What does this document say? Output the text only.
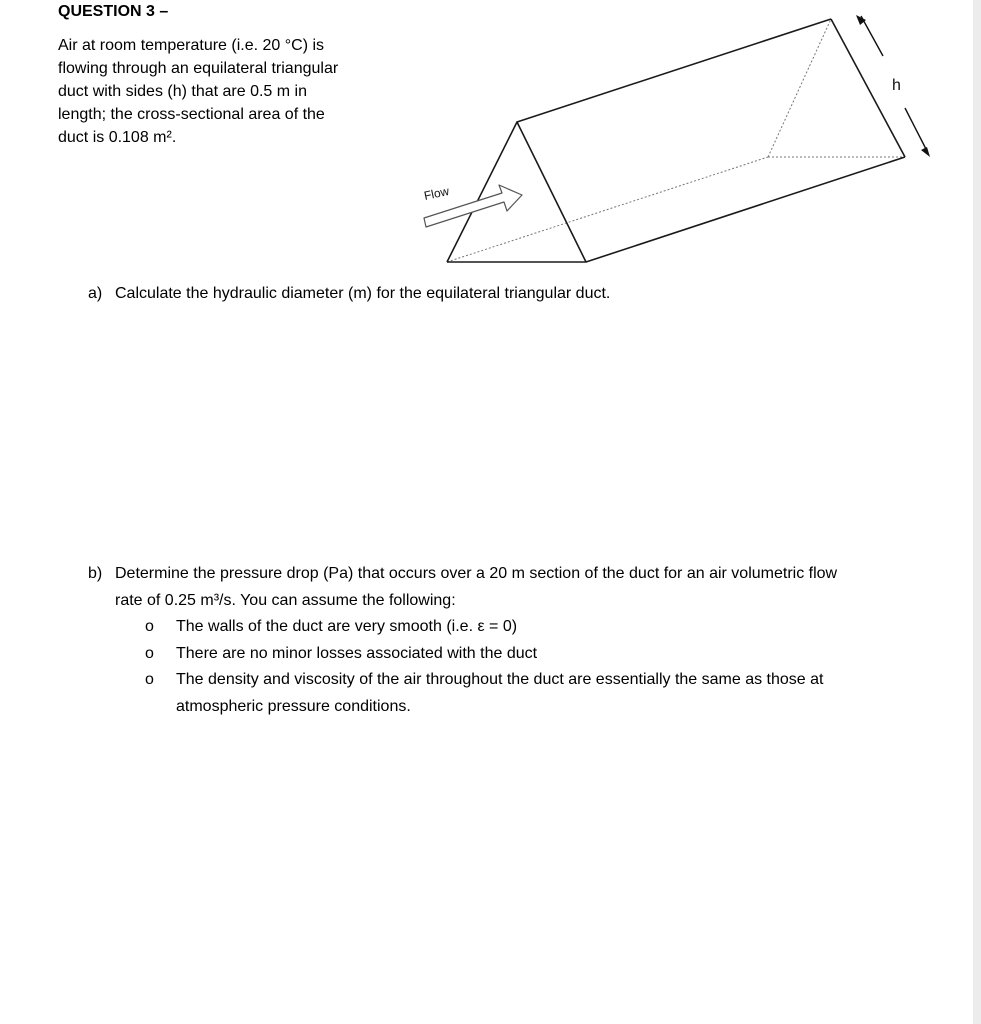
QUESTION 3 –

Air at room temperature (i.e. 20 °C) is
flowing through an equilateral triangular
duct with sides (h) that are 0.5 m in
length; the cross-sectional area of the
duct is 0.108 m².

Flow
h
a) Calculate the hydraulic diameter (m) for the equilateral triangular duct.
b) Determine the pressure drop (Pa) that occurs over a 20 m section of the duct for an air volumetric flow
rate of 0.25 m³/s. You can assume the following:
o The walls of the duct are very smooth (i.e. ε = 0)
o There are no minor losses associated with the duct
o The density and viscosity of the air throughout the duct are essentially the same as those at
atmospheric pressure conditions.
